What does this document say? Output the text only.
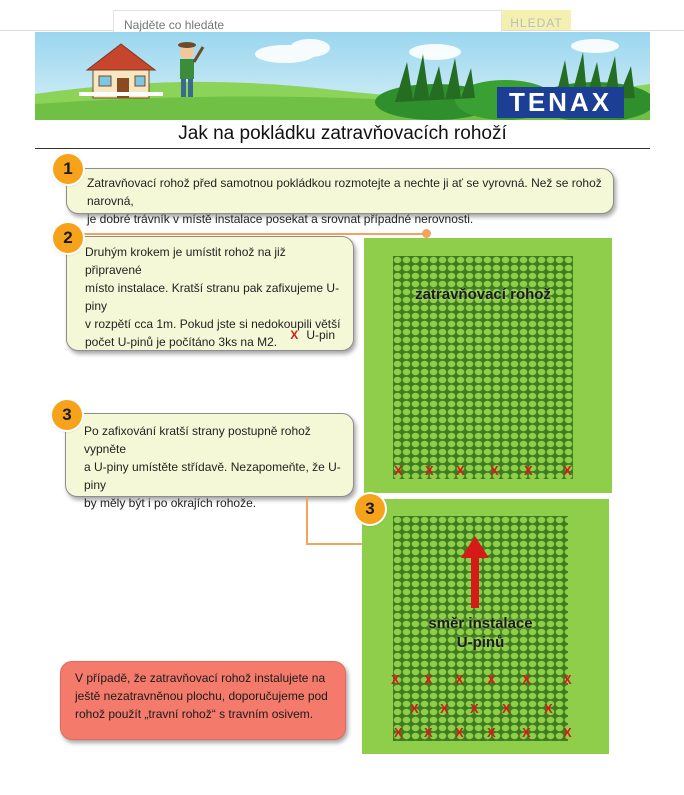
Najděte co hledáte
HLEDAT
TENAX
Jak na pokládku zatravňovacích rohoží
1

Zatravňovací rohož před samotnou pokládkou rozmotejte a nechte ji ať se vyrovná. Než se rohož narovná,
je dobré trávník v místě instalace posekat a srovnat případné nerovnosti.

2

Druhým krokem je umístit rohož na již připravené
místo instalace. Kratší stranu pak zafixujeme U-piny
v rozpětí cca 1m. Pokud jste si nedokoupili větší
počet U-pinů je počítáno 3ks na M2.	X U-pin
3

Po zafixování kratší strany postupně rohož vypněte
a U-piny umístěte střídavě. Nezapomeňte, že U-piny
by měly být i po okrajích rohože.

zatravňovací rohož
X X X X X X
3
směr instalace
U-pinů
X X X X X X
X X X X	X
X X X X X X

V případě, že zatravňovací rohož instalujete na
ještě nezatravněnou plochu, doporučujeme pod
rohož použít „travní rohož“ s travním osivem.
